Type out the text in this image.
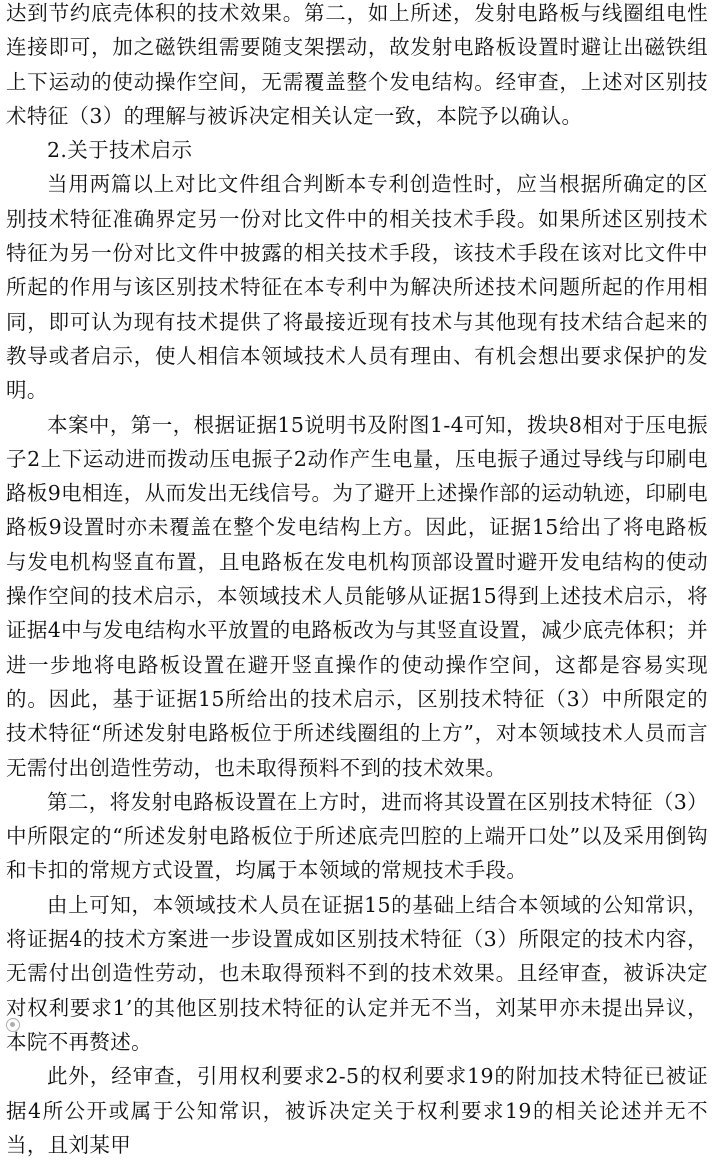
达到节约底壳体积的技术效果。第二，如上所述，发射电路板与线圈组电性连接即可，加之磁铁组需要随支架摆动，故发射电路板设置时避让出磁铁组上下运动的使动操作空间，无需覆盖整个发电结构。经审查，上述对区别技术特征（3）的理解与被诉决定相关认定一致，本院予以确认。

2.关于技术启示

当用两篇以上对比文件组合判断本专利创造性时，应当根据所确定的区别技术特征准确界定另一份对比文件中的相关技术手段。如果所述区别技术特征为另一份对比文件中披露的相关技术手段，该技术手段在该对比文件中所起的作用与该区别技术特征在本专利中为解决所述技术问题所起的作用相同，即可认为现有技术提供了将最接近现有技术与其他现有技术结合起来的教导或者启示，使人相信本领域技术人员有理由、有机会想出要求保护的发明。

本案中，第一，根据证据15说明书及附图1-4可知，拨块8相对于压电振子2上下运动进而拨动压电振子2动作产生电量，压电振子通过导线与印刷电路板9电相连，从而发出无线信号。为了避开上述操作部的运动轨迹，印刷电路板9设置时亦未覆盖在整个发电结构上方。因此，证据15给出了将电路板与发电机构竖直布置，且电路板在发电机构顶部设置时避开发电结构的使动操作空间的技术启示，本领域技术人员能够从证据15得到上述技术启示，将证据4中与发电结构水平放置的电路板改为与其竖直设置，减少底壳体积；并进一步地将电路板设置在避开竖直操作的使动操作空间，这都是容易实现的。因此，基于证据15所给出的技术启示，区别技术特征（3）中所限定的技术特征“所述发射电路板位于所述线圈组的上方”，对本领域技术人员而言无需付出创造性劳动，也未取得预料不到的技术效果。

第二，将发射电路板设置在上方时，进而将其设置在区别技术特征（3）中所限定的“所述发射电路板位于所述底壳凹腔的上端开口处”以及采用倒钩和卡扣的常规方式设置，均属于本领域的常规技术手段。

由上可知，本领域技术人员在证据15的基础上结合本领域的公知常识，将证据4的技术方案进一步设置成如区别技术特征（3）所限定的技术内容，无需付出创造性劳动，也未取得预料不到的技术效果。且经审查，被诉决定对权利要求1’的其他区别技术特征的认定并无不当，刘某甲亦未提出异议，本院不再赘述。

此外，经审查，引用权利要求2-5的权利要求19的附加技术特征已被证据4所公开或属于公知常识，被诉决定关于权利要求19的相关论述并无不当，且刘某甲
